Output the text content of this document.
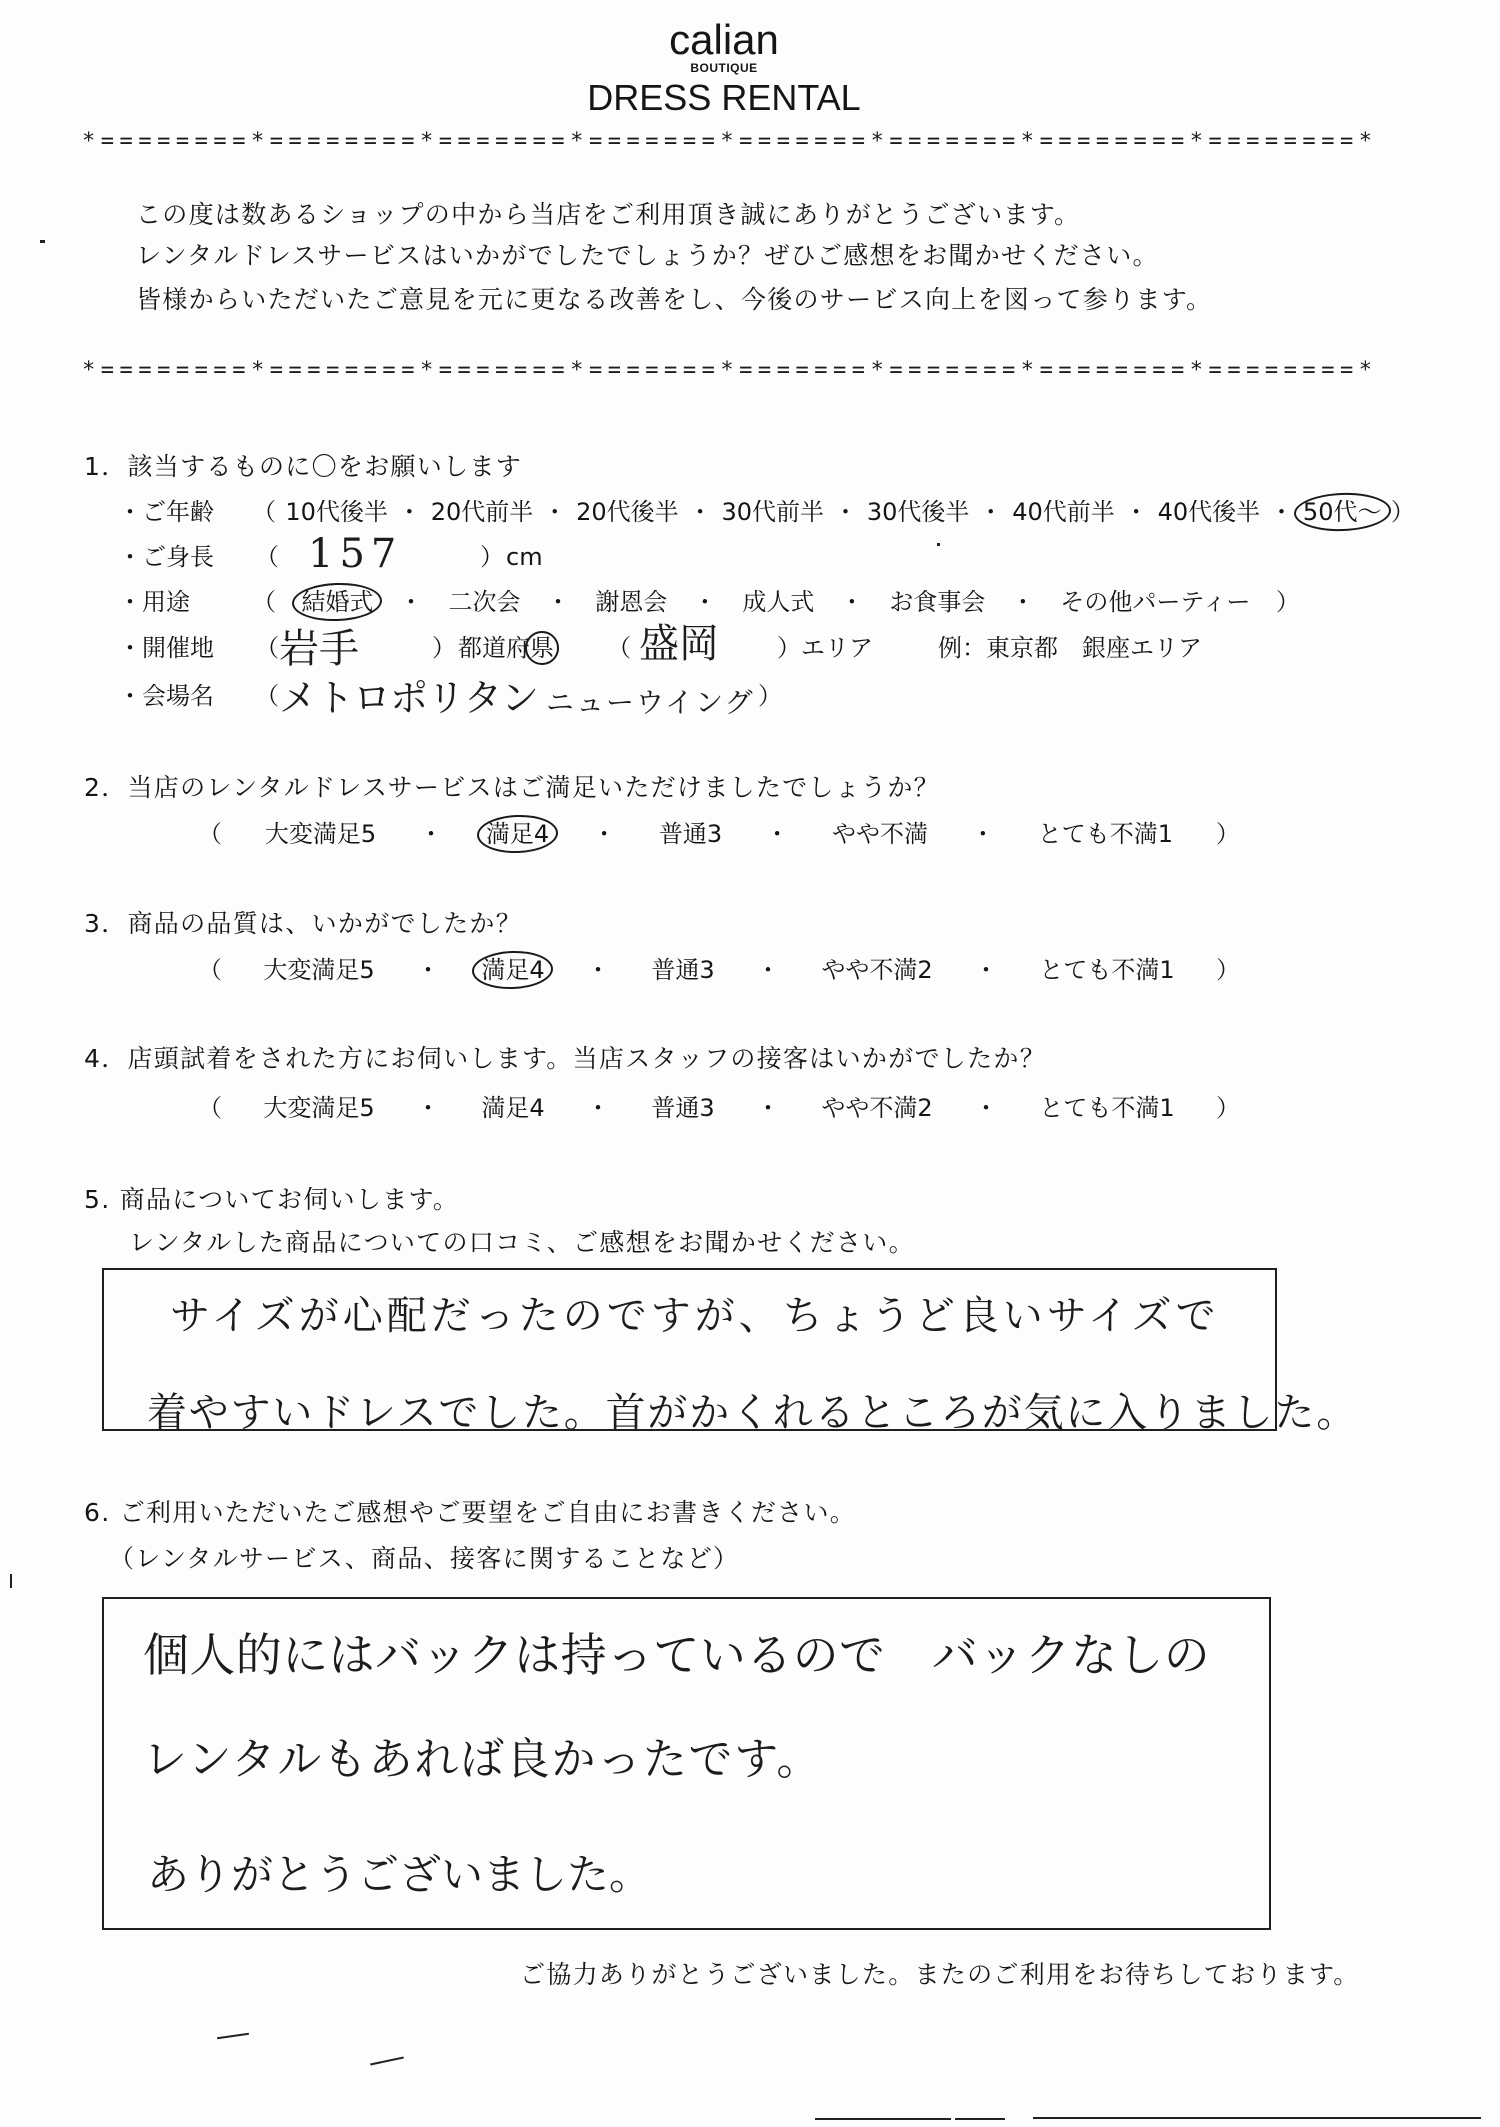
calian
BOUTIQUE
DRESS RENTAL
*========*========*=======*=======*=======*=======*========*========*
この度は数あるショップの中から当店をご利用頂き誠にありがとうございます。
レンタルドレスサービスはいかがでしたでしょうか？ぜひご感想をお聞かせください。
皆様からいただいたご意見を元に更なる改善をし、今後のサービス向上を図って参ります。
*========*========*=======*=======*=======*=======*========*========*
1．該当するものに〇をお願いします
・ご年齢 （ 10代後半 ・ 20代前半 ・ 20代後半 ・ 30代前半 ・ 30代後半 ・ 40代前半 ・ 40代後半 ・ 50代～ ）
・ご身長 （ 157	） cm
・用途	（ 結婚式 ・ 二次会 ・ 謝恩会 ・ 成人式 ・ お食事会 ・ その他パーティー ）
・開催地 （ 岩手	） 都 道 府 県 （ 盛岡 ） エリア	例：東京都　銀座エリア
・会場名 （ メトロポリタン ニューウイング ）
2．当店のレンタルドレスサービスはご満足いただけましたでしょうか？
（ 大変満足5 ・ 満足4 ・ 普通3 ・ やや不満 ・ とても不満1 ）
3．商品の品質は、いかがでしたか？
（ 大変満足5 ・ 満足4 ・ 普通3 ・ やや不満2 ・ とても不満1 ）
4．店頭試着をされた方にお伺いします。当店スタッフの接客はいかがでしたか？
（ 大変満足5 ・ 満足4 ・ 普通3 ・ やや不満2 ・ とても不満1 ）
5. 商品についてお伺いします。
レンタルした商品についての口コミ、ご感想をお聞かせください。
サイズが心配だったのですが、ちょうど良いサイズで
着やすいドレスでした。首がかくれるところが気に入りました。
6. ご利用いただいたご感想やご要望をご自由にお書きください。
（レンタルサービス、商品、接客に関することなど）
個人的にはバックは持っているので　バックなしの
レンタルもあれば良かったです。
ありがとうございました。
ご協力ありがとうございました。またのご利用をお待ちしております。
